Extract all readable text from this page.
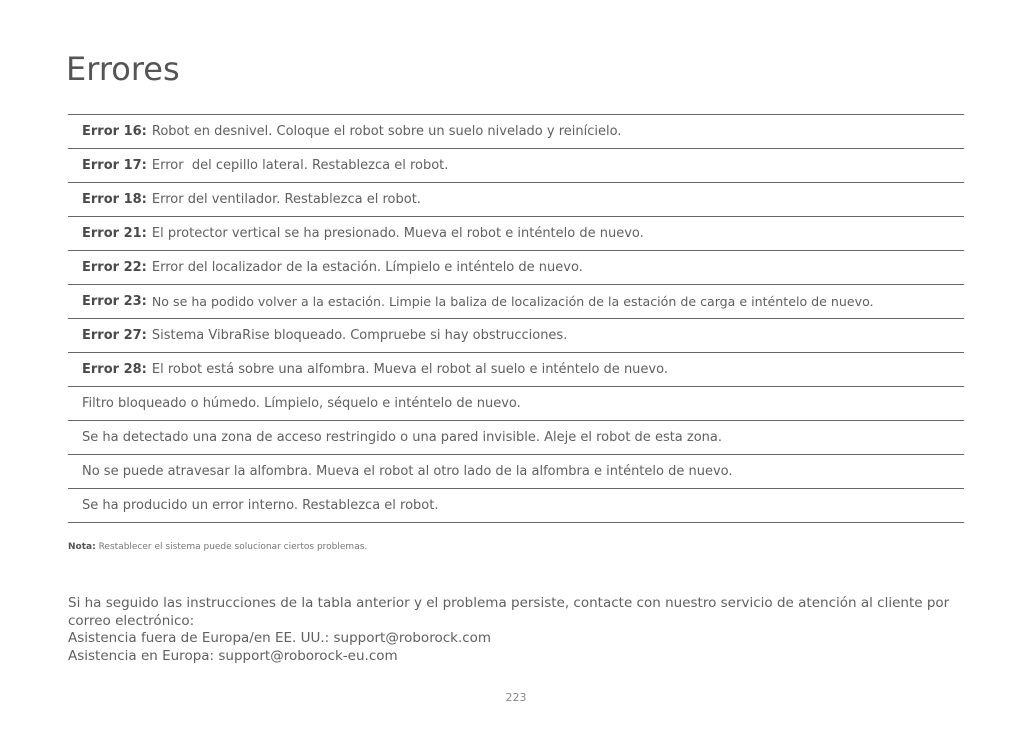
Errores
Error 16: Robot en desnivel. Coloque el robot sobre un suelo nivelado y reinícielo.
Error 17: Error  del cepillo lateral. Restablezca el robot.
Error 18: Error del ventilador. Restablezca el robot.
Error 21: El protector vertical se ha presionado. Mueva el robot e inténtelo de nuevo.
Error 22: Error del localizador de la estación. Límpielo e inténtelo de nuevo.
Error 23: No se ha podido volver a la estación. Limpie la baliza de localización de la estación de carga e inténtelo de nuevo.
Error 27: Sistema VibraRise bloqueado. Compruebe si hay obstrucciones.
Error 28: El robot está sobre una alfombra. Mueva el robot al suelo e inténtelo de nuevo.
Filtro bloqueado o húmedo. Límpielo, séquelo e inténtelo de nuevo.
Se ha detectado una zona de acceso restringido o una pared invisible. Aleje el robot de esta zona.
No se puede atravesar la alfombra. Mueva el robot al otro lado de la alfombra e inténtelo de nuevo.
Se ha producido un error interno. Restablezca el robot.
Nota: Restablecer el sistema puede solucionar ciertos problemas.
Si ha seguido las instrucciones de la tabla anterior y el problema persiste, contacte con nuestro servicio de atención al cliente por correo electrónico:
Asistencia fuera de Europa/en EE. UU.: support@roborock.com
Asistencia en Europa: support@roborock-eu.com
223
